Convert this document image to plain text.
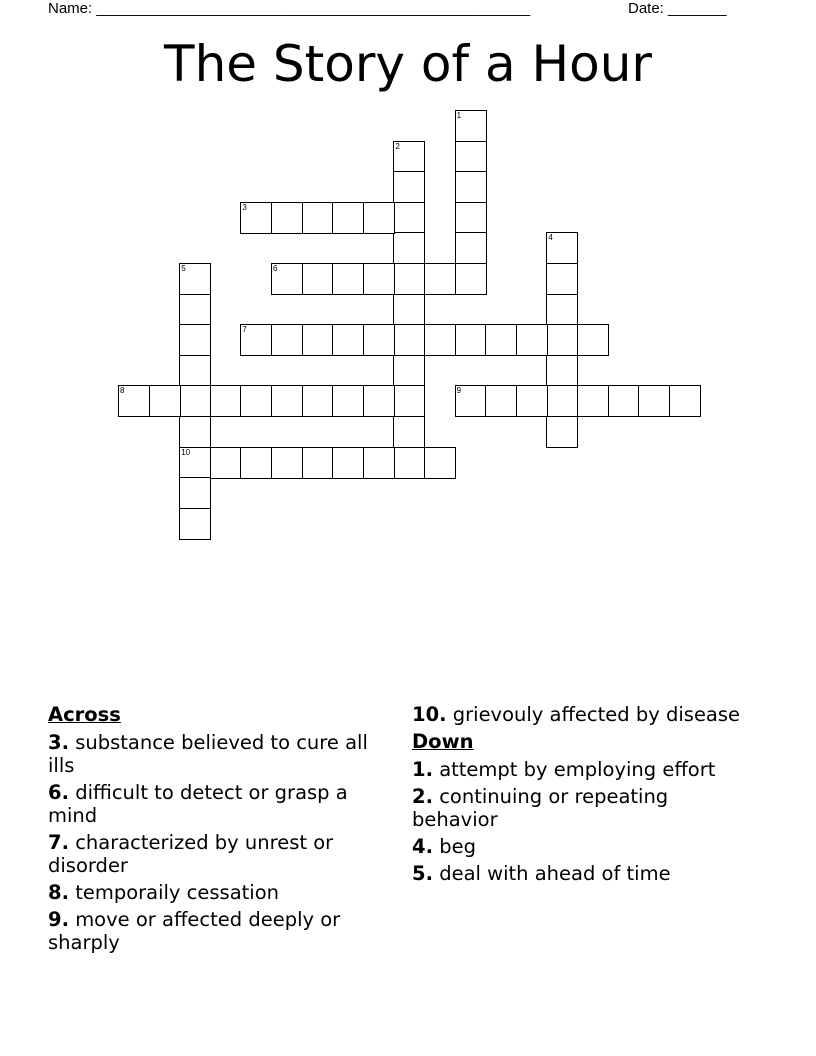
Name: ____________________________________________________	Date: _______
The Story of a Hour
1
2
3
4
5
10
6
7
8	9
Across
3. substance believed to cure all ills
6. difficult to detect or grasp a mind
7. characterized by unrest or disorder
8. temporaily cessation
9. move or affected deeply or sharply
10. grievouly affected by disease
Down
1. attempt by employing effort
2. continuing or repeating behavior
4. beg
5. deal with ahead of time
